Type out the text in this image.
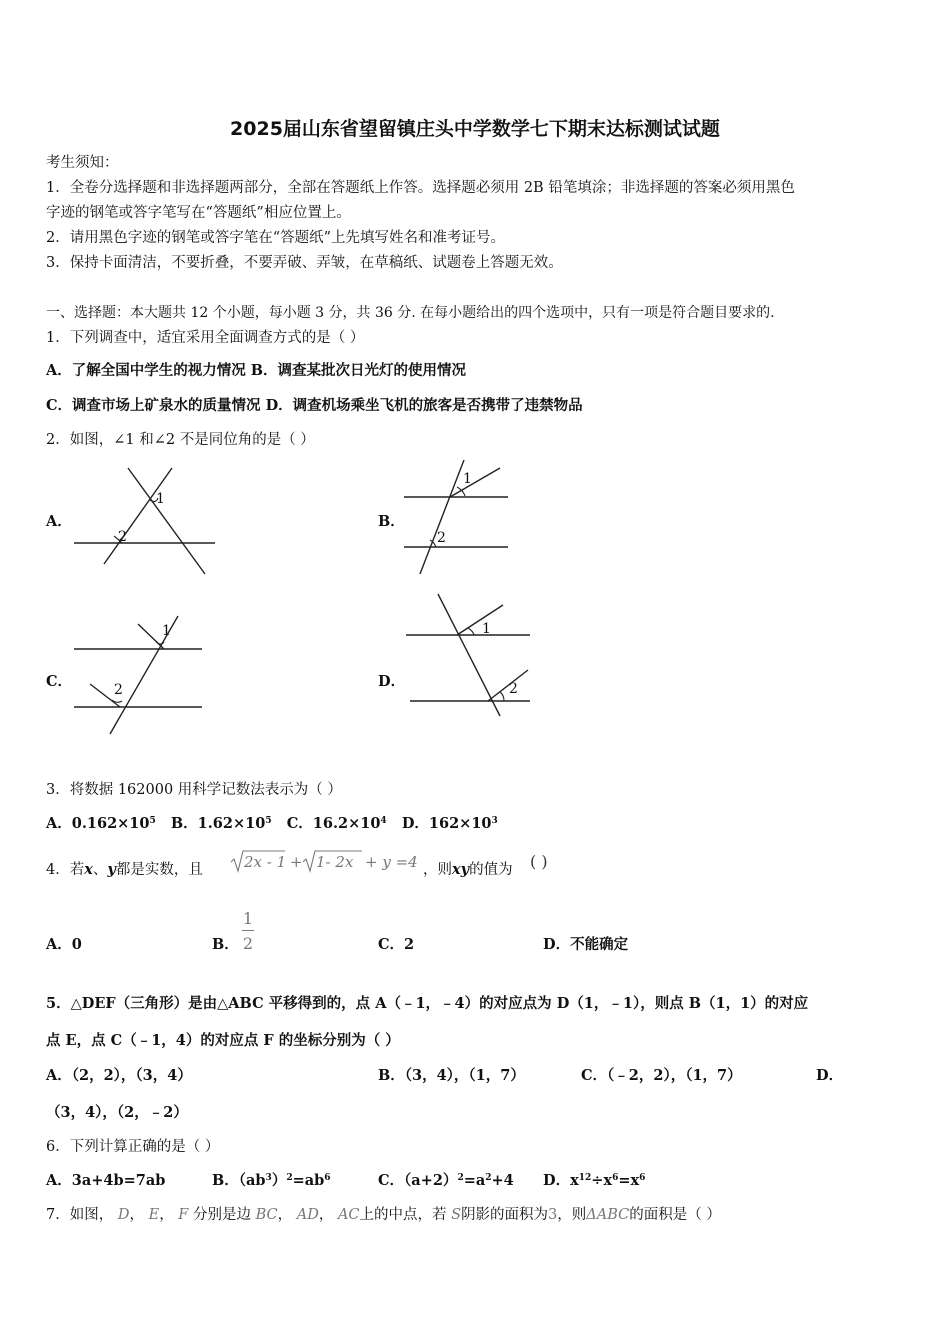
2025届山东省望留镇庄头中学数学七下期末达标测试试题
考生须知：
1．全卷分选择题和非选择题两部分，全部在答题纸上作答。选择题必须用 2B 铅笔填涂；非选择题的答案必须用黑色
字迹的钢笔或答字笔写在“答题纸”相应位置上。
2．请用黑色字迹的钢笔或答字笔在“答题纸”上先填写姓名和准考证号。
3．保持卡面清洁，不要折叠，不要弄破、弄皱，在草稿纸、试题卷上答题无效。
一、选择题：本大题共 12 个小题，每小题 3 分，共 36 分. 在每小题给出的四个选项中，只有一项是符合题目要求的.
1．下列调查中，适宜采用全面调查方式的是（ ）
A．了解全国中学生的视力情况 B．调查某批次日光灯的使用情况
C．调查市场上矿泉水的质量情况 D．调查机场乘坐飞机的旅客是否携带了违禁物品
2．如图，∠1 和∠2 不是同位角的是（ ）
A．
1
2
B．
1
2
C．
1
2	D．
1
2
3．将数据 162000 用科学记数法表示为（ ）
A．$0.162\times 10^5$ B．$1.62\times 10^5$ C．$16.2\times 10^4$ D．$162\times 10^3$
4．若x、y都是实数，且	2x - 1 + 1- 2x + y =4 ，则xy的值为 ( )
A．0	B．
1
2	C．2	D．不能确定
5．△DEF（三角形）是由△ABC 平移得到的，点 A（﹣1，﹣4）的对应点为 D（1，﹣1），则点 B（1，1）的对应
点 E，点 C（﹣1，4）的对应点 F 的坐标分别为（ ）
A．（2，2），（3，4）	B．（3，4），（1，7）	C．（﹣2，2），（1，7）	D．
（3，4），（2，﹣2）
6．下列计算正确的是（ ）
A．3a+4b=7ab	B．$(ab^3)^2=ab^6$	C．$(a+2)^2=a^2+4$ D．$x^{12}\div x^6=x^6$
7．如图， D， E， F 分别是边 BC， AD， AC上的中点，若 S阴影的面积为3，则ΔABC的面积是（ ）
